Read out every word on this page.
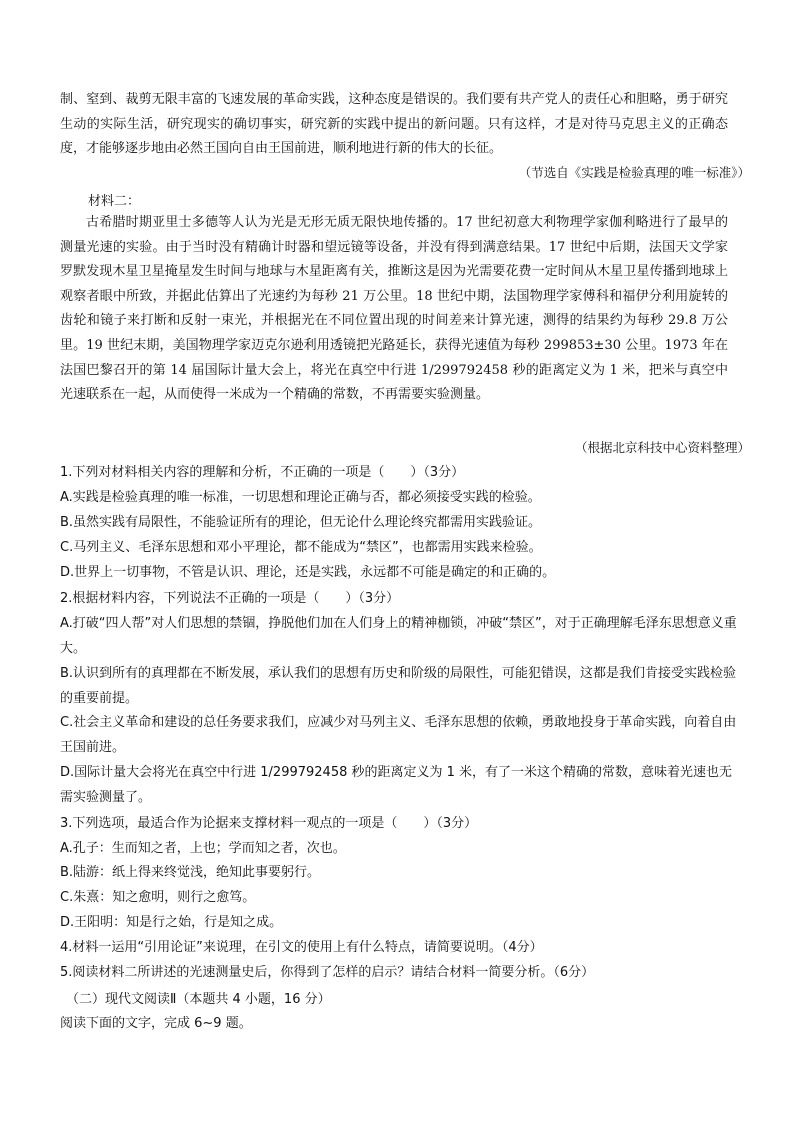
制、窒到、裁剪无限丰富的飞速发展的革命实践，这种态度是错误的。我们要有共产党人的责任心和胆略，勇于研究生动的实际生活，研究现实的确切事实，研究新的实践中提出的新问题。只有这样，才是对待马克思主义的正确态度，才能够逐步地由必然王国向自由王国前进，顺利地进行新的伟大的长征。
（节选自《实践是检验真理的唯一标准》）
材料二：
古希腊时期亚里士多德等人认为光是无形无质无限快地传播的。17 世纪初意大利物理学家伽利略进行了最早的测量光速的实验。由于当时没有精确计时器和望远镜等设备，并没有得到满意结果。17 世纪中后期，法国天文学家罗默发现木星卫星掩星发生时间与地球与木星距离有关，推断这是因为光需要花费一定时间从木星卫星传播到地球上观察者眼中所致，并据此估算出了光速约为每秒 21 万公里。18 世纪中期，法国物理学家傅科和福伊分利用旋转的齿轮和镜子来打断和反射一束光，并根据光在不同位置出现的时间差来计算光速，测得的结果约为每秒 29.8 万公里。19 世纪末期，美国物理学家迈克尔逊利用透镜把光路延长，获得光速值为每秒 299853±30 公里。1973 年在法国巴黎召开的第 14 届国际计量大会上，将光在真空中行进 1/299792458 秒的距离定义为 1 米，把米与真空中光速联系在一起，从而使得一米成为一个精确的常数，不再需要实验测量。
（根据北京科技中心资料整理）
1.下列对材料相关内容的理解和分析，不正确的一项是（　　）（3分）
A.实践是检验真理的唯一标准，一切思想和理论正确与否，都必须接受实践的检验。
B.虽然实践有局限性，不能验证所有的理论，但无论什么理论终究都需用实践验证。
C.马列主义、毛泽东思想和邓小平理论，都不能成为“禁区”，也都需用实践来检验。
D.世界上一切事物，不管是认识、理论，还是实践，永远都不可能是确定的和正确的。
2.根据材料内容，下列说法不正确的一项是（　　）（3分）
A.打破“四人帮”对人们思想的禁锢，挣脱他们加在人们身上的精神枷锁，冲破“禁区”，对于正确理解毛泽东思想意义重大。
B.认识到所有的真理都在不断发展，承认我们的思想有历史和阶级的局限性，可能犯错误，这都是我们肯接受实践检验的重要前提。
C.社会主义革命和建设的总任务要求我们，应减少对马列主义、毛泽东思想的依赖，勇敢地投身于革命实践，向着自由王国前进。
D.国际计量大会将光在真空中行进 1/299792458 秒的距离定义为 1 米，有了一米这个精确的常数，意味着光速也无需实验测量了。
3.下列选项，最适合作为论据来支撑材料一观点的一项是（　　）（3分）
A.孔子：生而知之者，上也；学而知之者，次也。
B.陆游：纸上得来终觉浅，绝知此事要躬行。
C.朱熹：知之愈明，则行之愈笃。
D.王阳明：知是行之始，行是知之成。
4.材料一运用“引用论证”来说理，在引文的使用上有什么特点，请简要说明。（4分）
5.阅读材料二所讲述的光速测量史后，你得到了怎样的启示？请结合材料一简要分析。（6分）
（二）现代文阅读Ⅱ（本题共 4 小题，16 分）
阅读下面的文字，完成 6~9 题。
